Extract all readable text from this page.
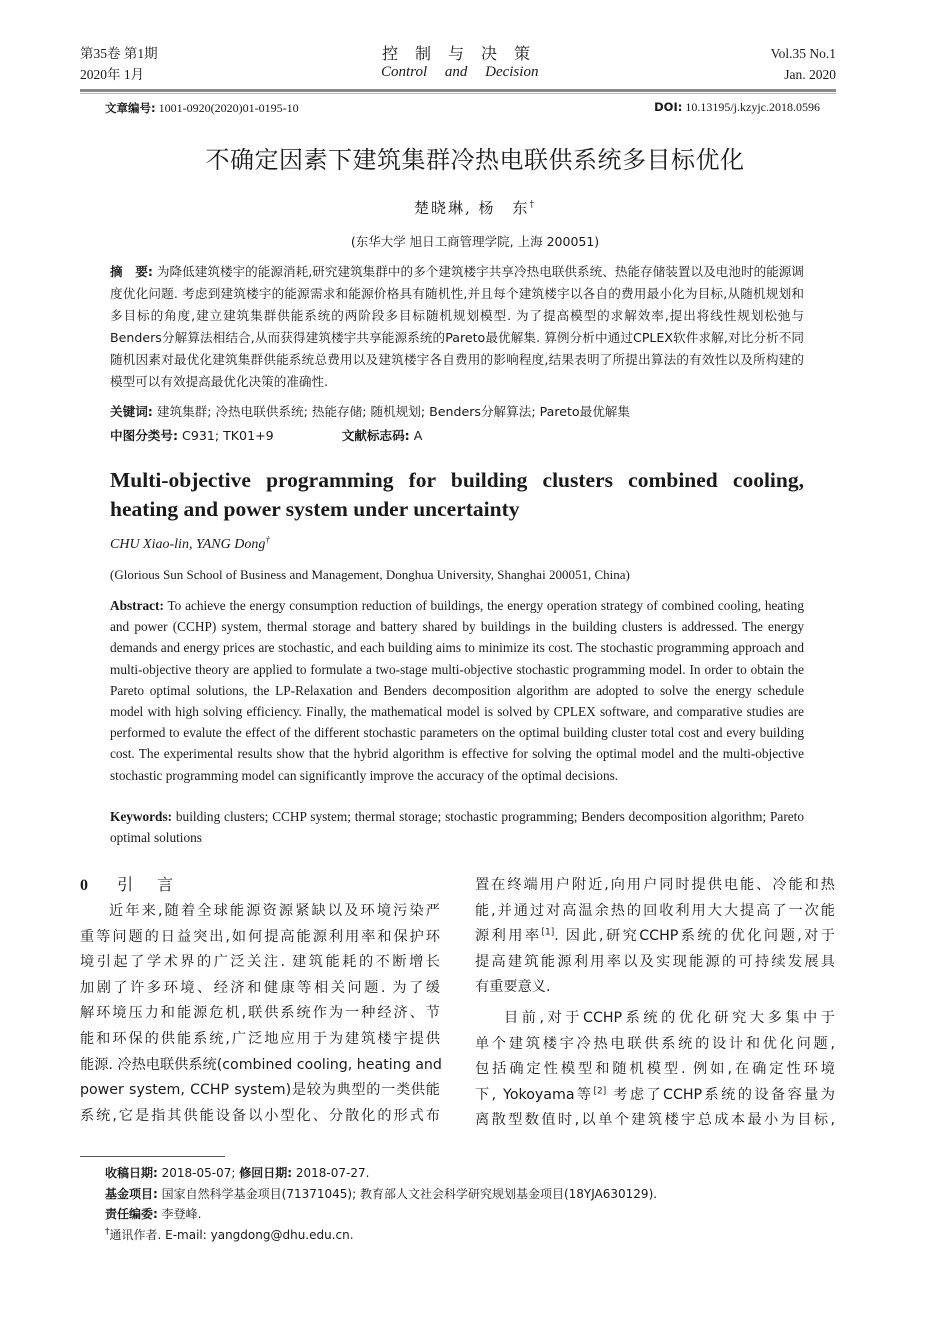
第35卷 第1期
2020年 1月
控制与决策
Control and Decision
Vol.35 No.1
Jan. 2020
文章编号: 1001-0920(2020)01-0195-10	DOI: 10.13195/j.kzyjc.2018.0596
不确定因素下建筑集群冷热电联供系统多目标优化
楚晓琳, 杨　东†
(东华大学 旭日工商管理学院, 上海 200051)
摘　要: 为降低建筑楼宇的能源消耗,研究建筑集群中的多个建筑楼宇共享冷热电联供系统、热能存储装置以及电池时的能源调度优化问题. 考虑到建筑楼宇的能源需求和能源价格具有随机性,并且每个建筑楼宇以各自的费用最小化为目标,从随机规划和多目标的角度,建立建筑集群供能系统的两阶段多目标随机规划模型. 为了提高模型的求解效率,提出将线性规划松弛与Benders分解算法相结合,从而获得建筑楼宇共享能源系统的Pareto最优解集. 算例分析中通过CPLEX软件求解,对比分析不同随机因素对最优化建筑集群供能系统总费用以及建筑楼宇各自费用的影响程度,结果表明了所提出算法的有效性以及所构建的模型可以有效提高最优化决策的准确性.
关键词: 建筑集群; 冷热电联供系统; 热能存储; 随机规划; Benders分解算法; Pareto最优解集
中图分类号: C931; TK01+9	文献标志码: A
Multi-objective programming for building clusters combined cooling,
heating and power system under uncertainty
CHU Xiao-lin, YANG Dong†
(Glorious Sun School of Business and Management, Donghua University, Shanghai 200051, China)
Abstract: To achieve the energy consumption reduction of buildings, the energy operation strategy of combined cooling, heating and power (CCHP) system, thermal storage and battery shared by buildings in the building clusters is addressed. The energy demands and energy prices are stochastic, and each building aims to minimize its cost. The stochastic programming approach and multi-objective theory are applied to formulate a two-stage multi-objective stochastic programming model. In order to obtain the Pareto optimal solutions, the LP-Relaxation and Benders decomposition algorithm are adopted to solve the energy schedule model with high solving efficiency. Finally, the mathematical model is solved by CPLEX software, and comparative studies are performed to evalute the effect of the different stochastic parameters on the optimal building cluster total cost and every building cost. The experimental results show that the hybrid algorithm is effective for solving the optimal model and the multi-objective stochastic programming model can significantly improve the accuracy of the optimal decisions.
Keywords: building clusters; CCHP system; thermal storage; stochastic programming; Benders decomposition algorithm; Pareto optimal solutions
0 引　言
近年来,随着全球能源资源紧缺以及环境污染严
重等问题的日益突出,如何提高能源利用率和保护环
境引起了学术界的广泛关注. 建筑能耗的不断增长
加剧了许多环境、经济和健康等相关问题. 为了缓
解环境压力和能源危机,联供系统作为一种经济、节
能和环保的供能系统,广泛地应用于为建筑楼宇提供
能源. 冷热电联供系统(combined cooling, heating and
power system, CCHP system)是较为典型的一类供能
系统,它是指其供能设备以小型化、分散化的形式布
置在终端用户附近,向用户同时提供电能、冷能和热
能,并通过对高温余热的回收利用大大提高了一次能
源利用率[1]. 因此,研究CCHP系统的优化问题,对于
提高建筑能源利用率以及实现能源的可持续发展具
有重要意义.
目前,对于CCHP系统的优化研究大多集中于
单个建筑楼宇冷热电联供系统的设计和优化问题,
包括确定性模型和随机模型. 例如,在确定性环境
下, Yokoyama等[2] 考虑了CCHP系统的设备容量为
离散型数值时,以单个建筑楼宇总成本最小为目标,
收稿日期: 2018-05-07; 修回日期: 2018-07-27.
基金项目: 国家自然科学基金项目(71371045); 教育部人文社会科学研究规划基金项目(18YJA630129).
责任编委: 李登峰.
†通讯作者. E-mail: yangdong@dhu.edu.cn.
